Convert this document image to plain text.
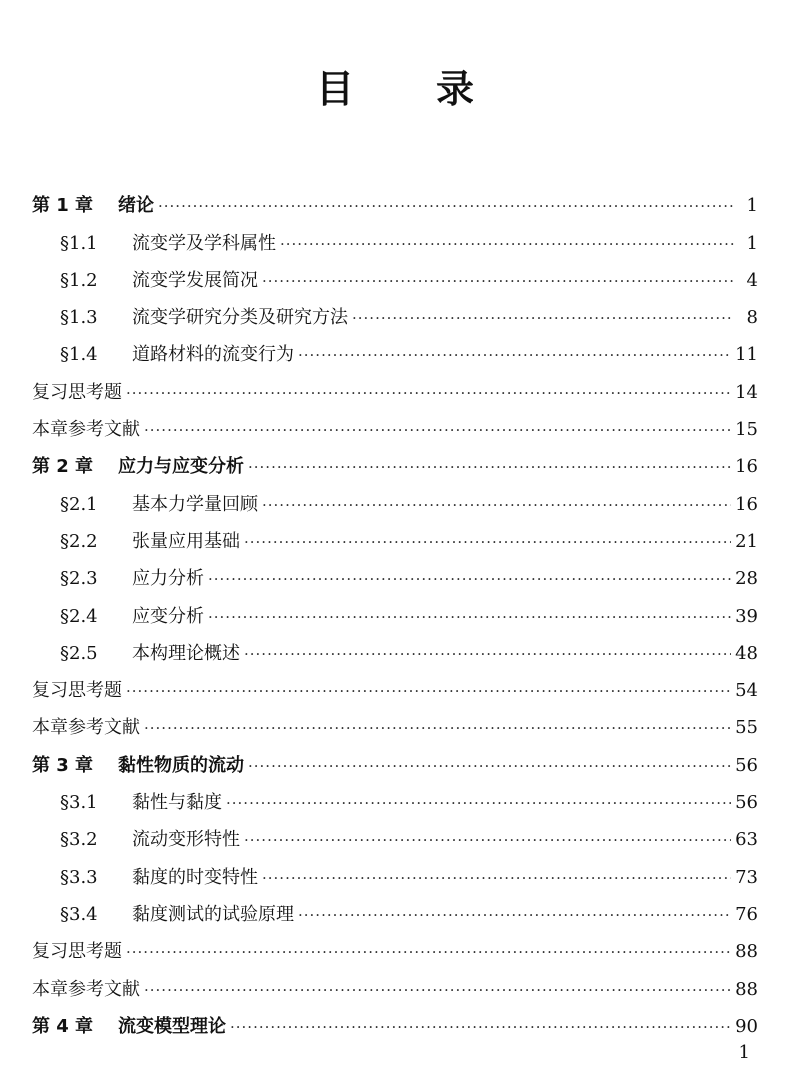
目 录
第 1 章 绪论 ·····	1
§1.1 流变学及学科属性 ·····	1
§1.2 流变学发展简况 ·····	4
§1.3 流变学研究分类及研究方法 ·····	8
§1.4 道路材料的流变行为 ·····	11
复习思考题 ·····	14
本章参考文献 ·····	15
第 2 章 应力与应变分析 ·····	16
§2.1 基本力学量回顾 ·····	16
§2.2 张量应用基础 ·····	21
§2.3 应力分析 ·····	28
§2.4 应变分析 ·····	39
§2.5 本构理论概述 ·····	48
复习思考题 ·····	54
本章参考文献 ·····	55
第 3 章 黏性物质的流动 ·····	56
§3.1 黏性与黏度 ·····	56
§3.2 流动变形特性 ·····	63
§3.3 黏度的时变特性 ·····	73
§3.4 黏度测试的试验原理 ·····	76
复习思考题 ·····	88
本章参考文献 ·····	88
第 4 章 流变模型理论 ·····	90
1
